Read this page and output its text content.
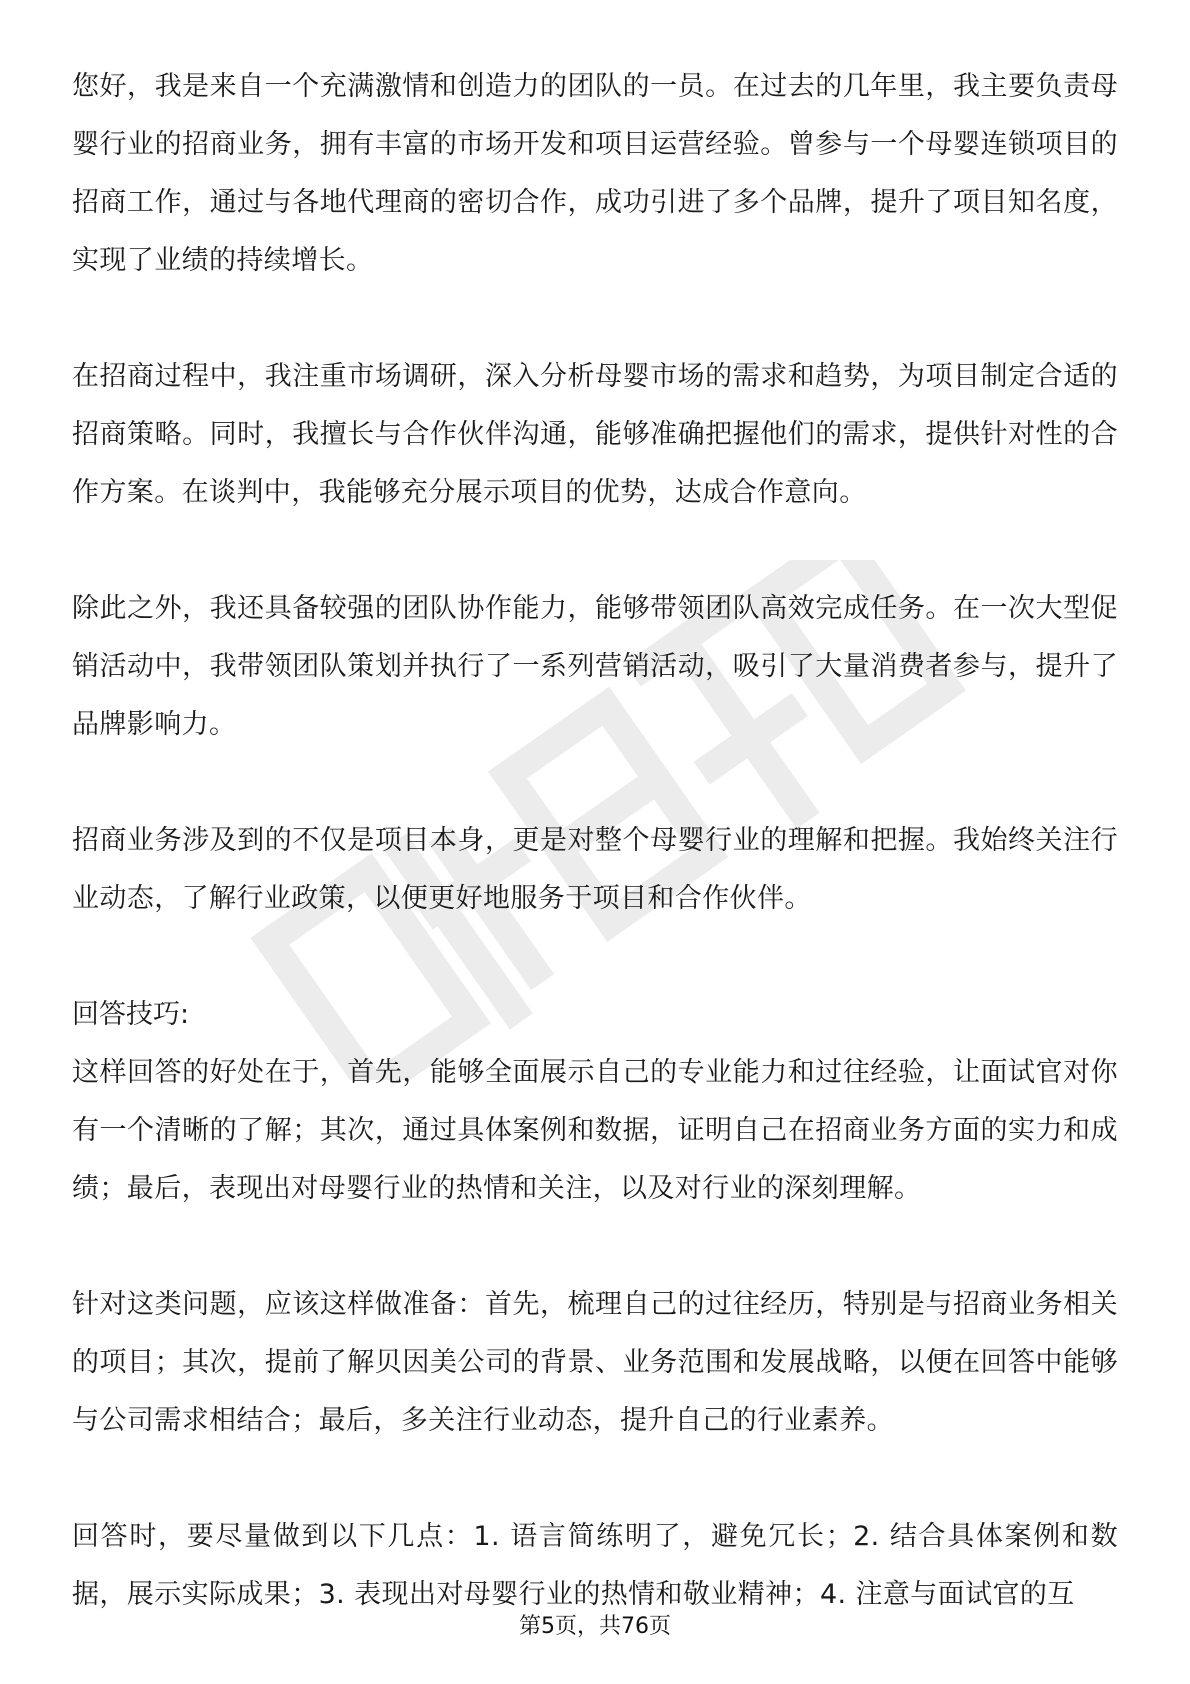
您好，我是来自一个充满激情和创造力的团队的一员。在过去的几年里，我主要负责母婴行业的招商业务，拥有丰富的市场开发和项目运营经验。曾参与一个母婴连锁项目的招商工作，通过与各地代理商的密切合作，成功引进了多个品牌，提升了项目知名度，实现了业绩的持续增长。

在招商过程中，我注重市场调研，深入分析母婴市场的需求和趋势，为项目制定合适的招商策略。同时，我擅长与合作伙伴沟通，能够准确把握他们的需求，提供针对性的合作方案。在谈判中，我能够充分展示项目的优势，达成合作意向。

除此之外，我还具备较强的团队协作能力，能够带领团队高效完成任务。在一次大型促销活动中，我带领团队策划并执行了一系列营销活动，吸引了大量消费者参与，提升了品牌影响力。

招商业务涉及到的不仅是项目本身，更是对整个母婴行业的理解和把握。我始终关注行业动态，了解行业政策，以便更好地服务于项目和合作伙伴。

回答技巧:

这样回答的好处在于，首先，能够全面展示自己的专业能力和过往经验，让面试官对你有一个清晰的了解；其次，通过具体案例和数据，证明自己在招商业务方面的实力和成绩；最后，表现出对母婴行业的热情和关注，以及对行业的深刻理解。

针对这类问题，应该这样做准备：首先，梳理自己的过往经历，特别是与招商业务相关的项目；其次，提前了解贝因美公司的背景、业务范围和发展战略，以便在回答中能够与公司需求相结合；最后，多关注行业动态，提升自己的行业素养。

回答时，要尽量做到以下几点：1. 语言简练明了，避免冗长；2. 结合具体案例和数据，展示实际成果；3. 表现出对母婴行业的热情和敬业精神；4. 注意与面试官的互

第5页，共76页
